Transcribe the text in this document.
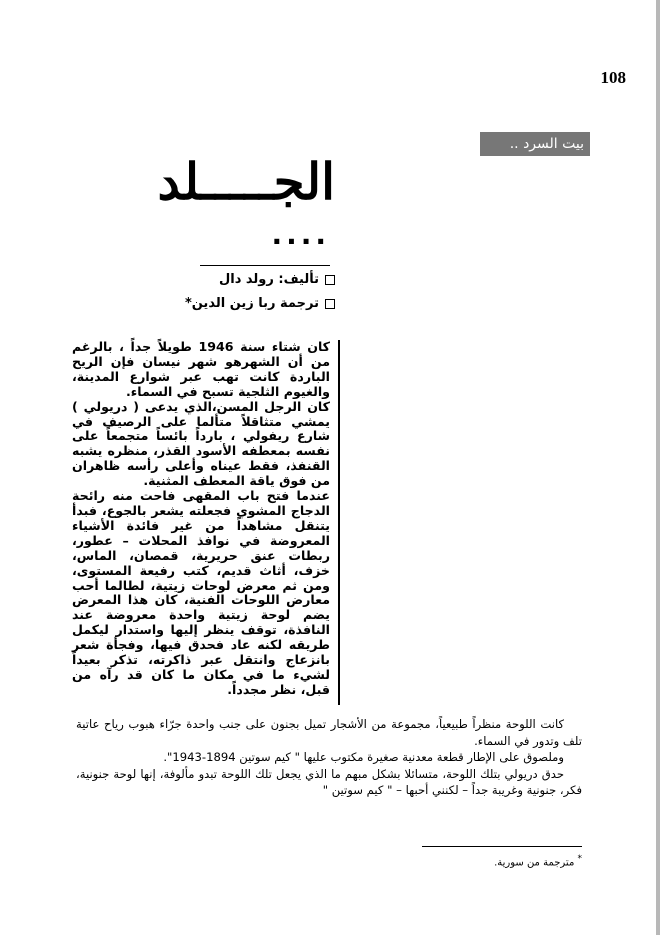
108
بيت السرد ..
الجـــــلد
....
تأليف: رولد دال
ترجمة ربا زين الدين*

كان شتاء سنة 1946 طويلاً جداً ، بالرغم من أن الشهرهو شهر نيسان فإن الريح الباردة كانت تهب عبر شوارع المدينة، والغيوم الثلجية تسبح في السماء.

كان الرجل المسن،الذي يدعى ( دريولي ) يمشي متثاقلاً متألما على الرصيف في شارع ريفولي ، بارداً بائساً متجمعاً على نفسه بمعطفه الأسود القذر، منظره يشبه القنفذ، فقط عيناه وأعلى رأسه ظاهران من فوق ياقة المعطف المثنية.

عندما فتح باب المقهى فاحت منه رائحة الدجاج المشوي فجعلته يشعر بالجوع، فبدأ يتنقل مشاهداً من غير فائدة الأشياء المعروضة في نوافذ المحلات – عطور، ربطات عنق حريرية، قمصان، الماس، خزف، أثاث قديم، كتب رفيعة المستوى، ومن ثم معرض لوحات زيتية، لطالما أحب معارض اللوحات الفنية، كان هذا المعرض يضم لوحة زيتية واحدة معروضة عند النافذة، توقف ينظر إليها واستدار ليكمل طريقه لكنه عاد فحدق فيها، وفجأة شعر بانزعاج وانتقل عبر ذاكرته، تذكر بعيداً لشيء ما في مكان ما كان قد رآه من قبل، نظر مجدداً.

كانت اللوحة منظراً طبيعياً، مجموعة من الأشجار تميل بجنون على جنب واحدة جرّاء هبوب رياح عاتية تلف وتدور في السماء.

وملصوق على الإطار قطعة معدنية صغيرة مكتوب عليها " كيم سوتين 1894-1943".

حدق دريولي بتلك اللوحة، متسائلا بشكل مبهم ما الذي يجعل تلك اللوحة تبدو مألوفة، إنها لوحة جنونية، فكر، جنونية وغريبة جداً – لكنني أحبها – " كيم سوتين "

* مترجمة من سورية.
